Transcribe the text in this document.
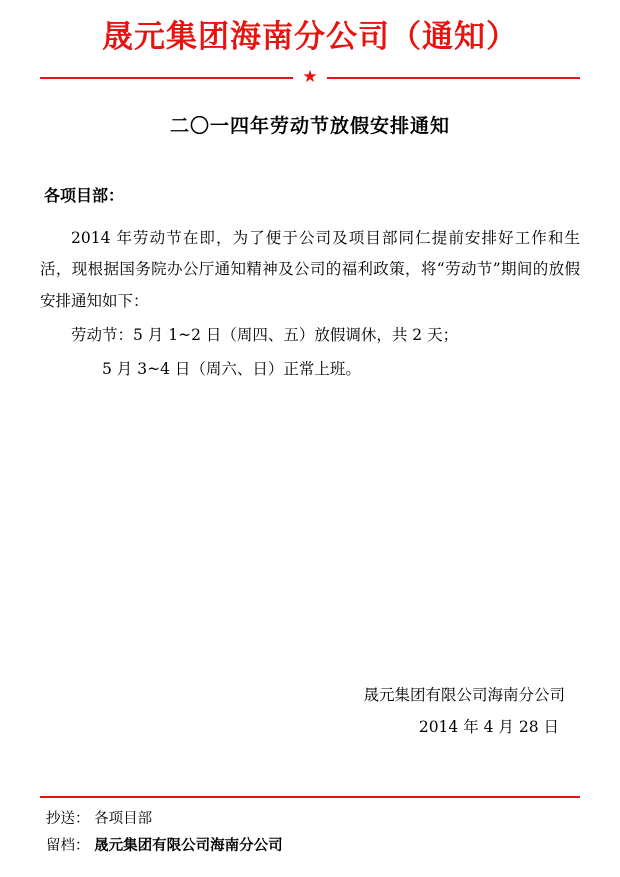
晟元集团海南分公司（通知）
★
二〇一四年劳动节放假安排通知
各项目部：
2014 年劳动节在即，为了便于公司及项目部同仁提前安排好工作和生活，现根据国务院办公厅通知精神及公司的福利政策，将“劳动节”期间的放假安排通知如下：
劳动节：5 月 1~2 日（周四、五）放假调休，共 2 天；
5 月 3~4 日（周六、日）正常上班。
晟元集团有限公司海南分公司
2014 年 4 月 28 日
抄送： 各项目部
留档： 晟元集团有限公司海南分公司
